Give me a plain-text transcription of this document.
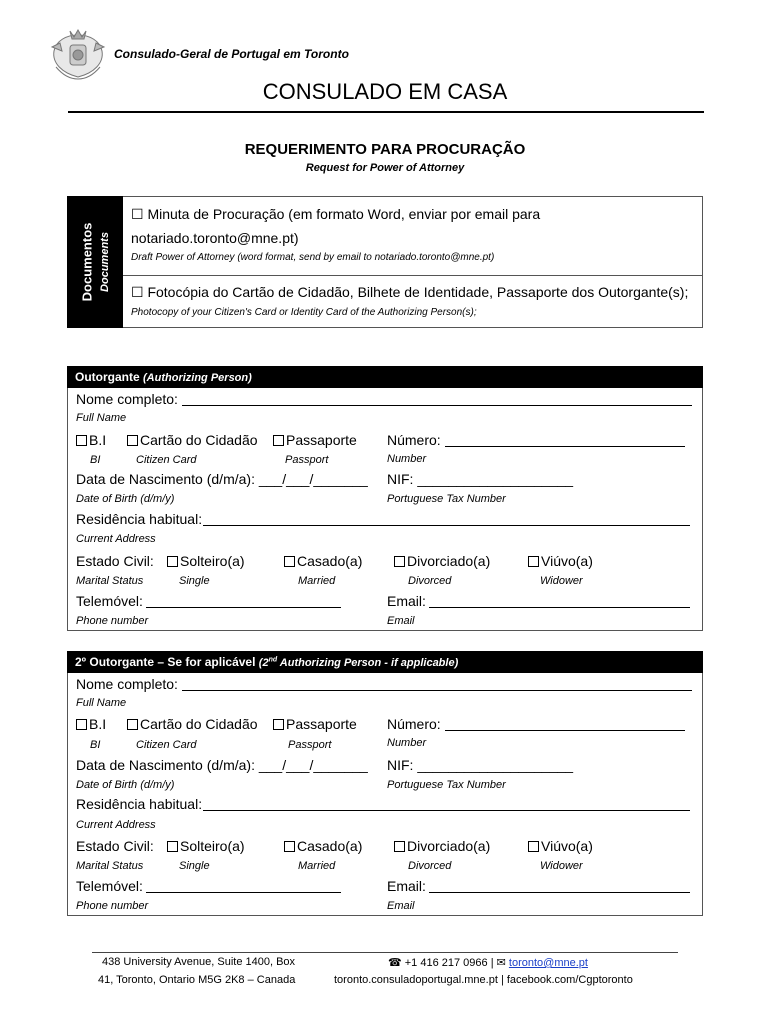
Consulado-Geral de Portugal em Toronto
CONSULADO EM CASA
REQUERIMENTO PARA PROCURAÇÃO
Request for Power of Attorney
Documentos Documents
☐ Minuta de Procuração (em formato Word, enviar por email para
notariado.toronto@mne.pt)
Draft Power of Attorney (word format, send by email to notariado.toronto@mne.pt)
☐ Fotocópia do Cartão de Cidadão, Bilhete de Identidade, Passaporte dos Outorgante(s);
Photocopy of your Citizen's Card or Identity Card of the Authorizing Person(s);
Outorgante (Authorizing Person)
Nome completo:
Full Name
B.I	Cartão do Cidadão	Passaporte Número:
BI	Citizen Card	Passport	Number
Data de Nascimento (d/m/a): ___/___/_______ NIF: ____________________
Date of Birth (d/m/y)	Portuguese Tax Number
Residência habitual:
Current Address
Estado Civil:	Solteiro(a)	Casado(a)	Divorciado(a)	Viúvo(a)
Marital Status	Single	Married	Divorced	Widower
Telemóvel:	Email:
Phone number	Email
2º Outorgante – Se for aplicável (2nd Authorizing Person - if applicable)
Nome completo:
Full Name
B.I	Cartão do Cidadão	Passaporte Número:
BI	Citizen Card	Passport	Number
Data de Nascimento (d/m/a): ___/___/_______ NIF: ____________________
Date of Birth (d/m/y)	Portuguese Tax Number
Residência habitual:
Current Address
Estado Civil:	Solteiro(a)	Casado(a)	Divorciado(a)	Viúvo(a)
Marital Status	Single	Married	Divorced	Widower
Telemóvel:	Email:
Phone number	Email
438 University Avenue, Suite 1400, Box
41, Toronto, Ontario M5G 2K8 – Canada
☎ +1 416 217 0966 | ✉ toronto@mne.pt
toronto.consuladoportugal.mne.pt | facebook.com/Cgptoronto
